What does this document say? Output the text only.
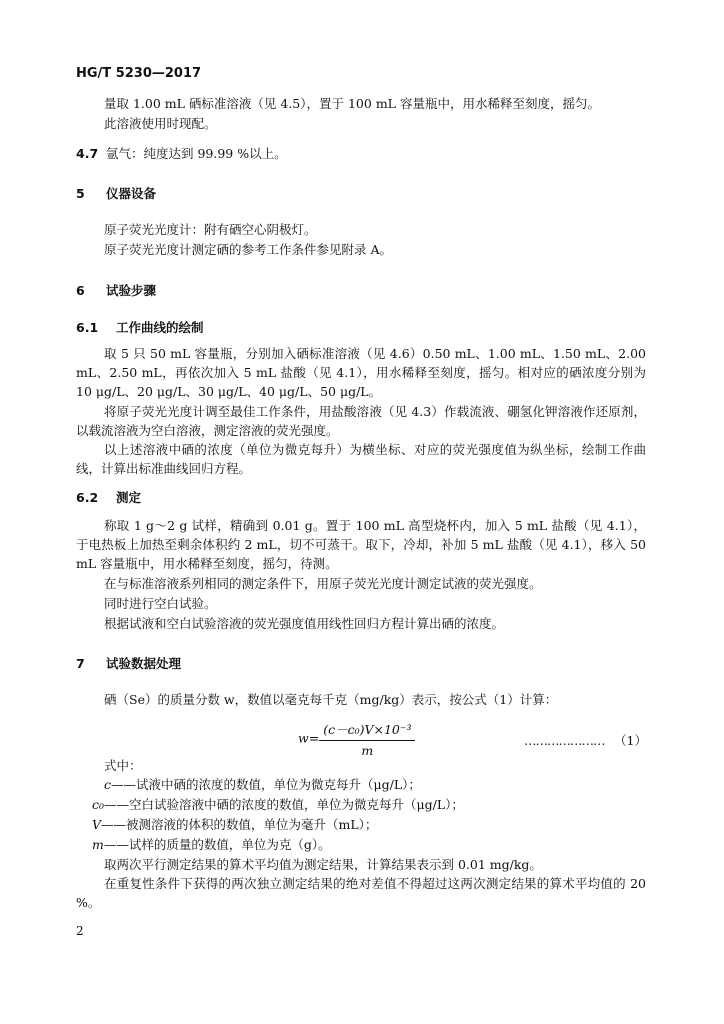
HG/T 5230—2017
量取 1.00 mL 硒标准溶液（见 4.5），置于 100 mL 容量瓶中，用水稀释至刻度，摇匀。
此溶液使用时现配。
4.7 氩气：纯度达到 99.99 %以上。
5 仪器设备
原子荧光光度计：附有硒空心阴极灯。
原子荧光光度计测定硒的参考工作条件参见附录 A。
6 试验步骤
6.1 工作曲线的绘制
取 5 只 50 mL 容量瓶，分别加入硒标准溶液（见 4.6）0.50 mL、1.00 mL、1.50 mL、2.00 mL、2.50 mL，再依次加入 5 mL 盐酸（见 4.1），用水稀释至刻度，摇匀。相对应的硒浓度分别为 10 μg/L、20 μg/L、30 μg/L、40 μg/L、50 μg/L。
将原子荧光光度计调至最佳工作条件，用盐酸溶液（见 4.3）作载流液、硼氢化钾溶液作还原剂，以载流溶液为空白溶液，测定溶液的荧光强度。
以上述溶液中硒的浓度（单位为微克每升）为横坐标、对应的荧光强度值为纵坐标，绘制工作曲线，计算出标准曲线回归方程。
6.2 测定
称取 1 g～2 g 试样，精确到 0.01 g。置于 100 mL 高型烧杯内，加入 5 mL 盐酸（见 4.1），于电热板上加热至剩余体积约 2 mL，切不可蒸干。取下，冷却，补加 5 mL 盐酸（见 4.1），移入 50 mL 容量瓶中，用水稀释至刻度，摇匀，待测。
在与标准溶液系列相同的测定条件下，用原子荧光光度计测定试液的荧光强度。
同时进行空白试验。
根据试液和空白试验溶液的荧光强度值用线性回归方程计算出硒的浓度。
7 试验数据处理
硒（Se）的质量分数 w，数值以毫克每千克（mg/kg）表示，按公式（1）计算：
$w= \frac{\text{(c－c₀)V×10⁻³}}{m}$	………………… （1）
式中：
c——试液中硒的浓度的数值，单位为微克每升（μg/L）；
c₀——空白试验溶液中硒的浓度的数值，单位为微克每升（μg/L）；
V——被测溶液的体积的数值，单位为毫升（mL）；
m——试样的质量的数值，单位为克（g）。
取两次平行测定结果的算术平均值为测定结果，计算结果表示到 0.01 mg/kg。
在重复性条件下获得的两次独立测定结果的绝对差值不得超过这两次测定结果的算术平均值的 20 %。
2
